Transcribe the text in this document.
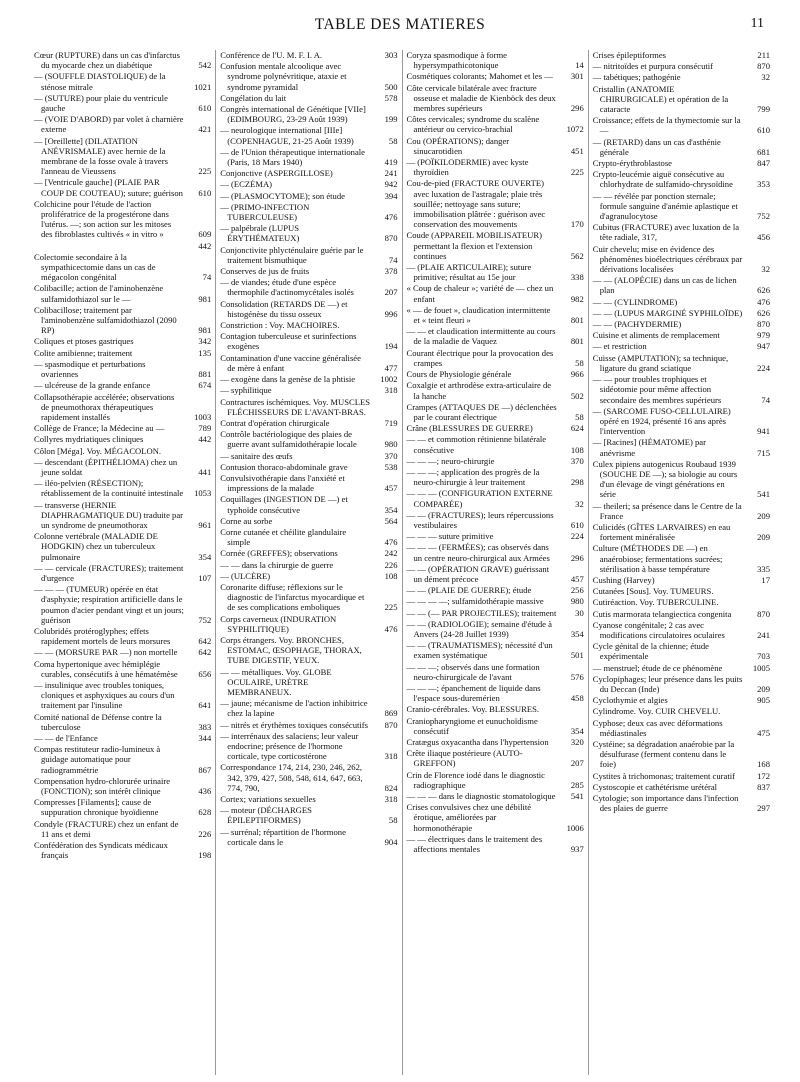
TABLE DES MATIERES	11
Cœur (RUPTURE) dans un cas d'infarctus du myocarde chez un diabétique	542
— (SOUFFLE DIASTOLIQUE) de la sténose mitrale	1021
— (SUTURE) pour plaie du ventricule gauche	610
— (VOIE D'ABORD) par volet à charnière externe	421
— [Oreillette] (DILATATION ANÉVRISMALE) avec hernie de la membrane de la fosse ovale à travers l'anneau de Vieussens	225
— [Ventricule gauche] (PLAIE PAR COUP DE COUTEAU); suture; guérison	610
Colchicine pour l'étude de l'action prolifératrice de la progestérone dans l'utérus. —; son action sur les mitoses des fibroblastes cultivés « in vitro »	609
442
Colectomie secondaire à la sympathicectomie dans un cas de mégacolon congénital	74
Colibacille; action de l'aminobenzène sulfamidothiazol sur le —	981
Colibacillose; traitement par l'aminobenzène sulfamidothiazol (2090 RP)	981
Coliques et ptoses gastriques	342
Colite amibienne; traitement	135
— spasmodique et perturbations ovariennes	881
— ulcéreuse de la grande enfance	674
Collapsothérapie accélérée; observations de pneumothorax thérapeutiques rapidement installés	1003
Collège de France; la Médecine au —	789
Collyres mydriatiques cliniques	442
Côlon [Méga]. Voy. MÉGACOLON.
— descendant (ÉPITHÉLIOMA) chez un jeune soldat	441
— iléo-pelvien (RÉSECTION); rétablissement de la continuité intestinale	1053
— transverse (HERNIE DIAPHRAGMATIQUE DU) traduite par un syndrome de pneumothorax	961
Colonne vertébrale (MALADIE DE HODGKIN) chez un tuberculeux pulmonaire	354
— — cervicale (FRACTURES); traitement d'urgence	107
— — — (TUMEUR) opérée en état d'asphyxie; respiration artificielle dans le poumon d'acier pendant vingt et un jours; guérison	752
Colubridés protéroglyphes; effets rapidement mortels de leurs morsures	642
— — (MORSURE PAR —) non mortelle	642
Coma hypertonique avec hémiplégie curables, consécutifs à une hématémèse	656
— insulinique avec troubles toniques, cloniques et asphyxiques au cours d'un traitement par l'insuline	641
Comité national de Défense contre la tuberculose	383
— — de l'Enfance	344
Compas restituteur radio-lumineux à guidage automatique pour radiogrammétrie	867
Compensation hydro-chlorurée urinaire (FONCTION); son intérêt clinique	436
Compresses [Filaments]; cause de suppuration chronique byoïdienne	628
Condyle (FRACTURE) chez un enfant de 11 ans et demi	226
Confédération des Syndicats médicaux français	198
Conférence de l'U. M. F. I. A.	303
Confusion mentale alcoolique avec syndrome polynévritique, ataxie et syndrome pyramidal	500
Congélation du lait	578
Congrès international de Génétique [VIIe] (EDIMBOURG, 23-29 Août 1939)	199
— neurologique international [IIIe] (COPENHAGUE, 21-25 Août 1939)	58
— de l'Union thérapeutique internationale (Paris, 18 Mars 1940)	419
Conjonctive (ASPERGILLOSE)	241
— (ECZÉMA)	942
— (PLASMOCYTOME); son étude	394
— (PRIMO-INFECTION TUBERCULEUSE)	476
— palpébrale (LUPUS ÉRYTHÉMATEUX)	870
Conjonctivite phlycténulaire guérie par le traitement bismuthique	74
Conserves de jus de fruits	378
— de viandes; étude d'une espèce thermophile d'actinomycétales isolés	207
Consolidation (RETARDS DE —) et histogénèse du tissu osseux	996
Constriction : Voy. MACHOIRES.
Contagion tuberculeuse et surinfections exogènes	194
Contamination d'une vaccine généralisée de mère à enfant	477
— exogène dans la genèse de la phtisie	1002
— syphilitique	318
Contractures ischémiques. Voy. MUSCLES FLÉCHISSEURS DE L'AVANT-BRAS.
Contrat d'opération chirurgicale	719
Contrôle bactériologique des plaies de guerre avant sulfamidothérapie locale	980
— sanitaire des œufs	370
Contusion thoraco-abdominale grave	538
Convulsivothérapie dans l'anxiété et impressions de la malade	457
Coquillages (INGESTION DE —) et typhoïde consécutive	354
Corne au sorbe	564
Corne cutanée et chéilite glandulaire simple	476
Cornée (GREFFES); observations	242
— — dans la chirurgie de guerre	226
— (ULCÈRE)	108
Coronarite diffuse; réflexions sur le diagnostic de l'infarctus myocardique et de ses complications emboliques	225
Corps caverneux (INDURATION SYPHILITIQUE)	476
Corps étrangers. Voy. BRONCHES, ESTOMAC, ŒSOPHAGE, THORAX, TUBE DIGESTIF, YEUX.
— — métalliques. Voy. GLOBE OCULAIRE, URÈTRE MEMBRANEUX.
— jaune; mécanisme de l'action inhibitrice chez la lapine	869
— nitrés et érythèmes toxiques consécutifs	870
— interrénaux des salaciens; leur valeur endocrine; présence de l'hormone corticale, type corticostérone	318
Correspondance 174, 214, 230, 246, 262, 342, 379, 427, 508, 548, 614, 647, 663, 774, 790,	824
Cortex; variations sexuelles	318
— moteur (DÉCHARGES ÉPILEPTIFORMES)	58
— surrénal; répartition de l'hormone corticale dans le	904
Coryza spasmodique à forme hypersympathicotonique	14
Cosmétiques colorants; Mahomet et les —	301
Côte cervicale bilatérale avec fracture osseuse et maladie de Kienböck des deux membres supérieurs	296
Côtes cervicales; syndrome du scalène antérieur ou cervico-brachial	1072
Cou (OPÉRATIONS); danger sinucarotidien	451
— (POÏKILODERMIE) avec kyste thyroïdien	225
Cou-de-pied (FRACTURE OUVERTE) avec luxation de l'astragale; plaie très souillée; nettoyage sans suture; immobilisation plâtrée : guérison avec conservation des mouvements	170
Coude (APPAREIL MOBILISATEUR) permettant la flexion et l'extension continues	562
— (PLAIE ARTICULAIRE); suture primitive; résultat au 15e jour	338
« Coup de chaleur »; variété de — chez un enfant	982
« — de fouet », claudication intermittente et « teint fleuri »	801
— — et claudication intermittente au cours de la maladie de Vaquez	801
Courant électrique pour la provocation des crampes	58
Cours de Physiologie générale	966
Coxalgie et arthrodèse extra-articulaire de la hanche	502
Crampes (ATTAQUES DE —) déclenchées par le courant électrique	58
Crâne (BLESSURES DE GUERRE)	624
— — et commotion rétinienne bilatérale consécutive	108
— — —; neuro-chirurgie	370
— — —; application des progrès de la neuro-chirurgie à leur traitement	298
— — — (CONFIGURATION EXTERNE COMPARÉE)	32
— — (FRACTURES); leurs répercussions vestibulaires	610
— — — suture primitive	224
— — — (FERMÉES); cas observés dans un centre neuro-chirurgical aux Armées	296
— — (OPÉRATION GRAVE) guérissant un dément précoce	457
— — (PLAIE DE GUERRE); étude	256
— — — —; sulfamidothérapie massive	980
— — (— PAR PROJECTILES); traitement	30
— — (RADIOLOGIE); semaine d'étude à Anvers (24-28 Juillet 1939)	354
— — (TRAUMATISMES); nécessité d'un examen systématique	501
— — —; observés dans une formation neuro-chirurgicale de l'avant	576
— — —; épanchement de liquide dans l'espace sous-duremérien	458
Cranio-cérébrales. Voy. BLESSURES.
Craniopharyngiome et eunuchoïdisme consécutif	354
Cratægus oxyacantha dans l'hypertension	320
Crête iliaque postérieure (AUTO-GREFFON)	207
Crin de Florence iodé dans le diagnostic radiographique	285
— — — dans le diagnostic stomatologique	541
Crises convulsives chez une débilité érotique, améliorées par hormonothérapie	1006
— — électriques dans le traitement des affections mentales	937
Crises épileptiformes	211
— nitritoïdes et purpura consécutif	870
— tabétiques; pathogénie	32
Cristallin (ANATOMIE CHIRURGICALE) et opération de la cataracte	799
Croissance; effets de la thymectomie sur la —	610
— (RETARD) dans un cas d'asthénie générale	681
Crypto-érythroblastose	847
Crypto-leucémie aiguë consécutive au chlorhydrate de sulfamido-chrysoïdine	353
— — révélée par ponction sternale; formule sanguine d'anémie aplastique et d'agranulocytose	752
Cubitus (FRACTURE) avec luxation de la tête radiale, 317,	456
Cuir chevelu; mise en évidence des phénomènes bioélectriques cérébraux par dérivations localisées	32
— — (ALOPÉCIE) dans un cas de lichen plan	626
— — (CYLINDROME)	476
— — (LUPUS MARGINÉ SYPHILOÏDE)	626
— — (PACHYDERMIE)	870
Cuisine et aliments de remplacement	979
— et restriction	947
Cuisse (AMPUTATION); sa technique, ligature du grand sciatique	224
— — pour troubles trophiques et sidéotomie pour même affection secondaire des membres supérieurs	74
— (SARCOME FUSO-CELLULAIRE) opéré en 1924, présenté 16 ans après l'intervention	941
— [Racines] (HÉMATOME) par anévrisme	715
Culex pipiens autogenicus Roubaud 1939 (SOUCHE DE —); sa biologie au cours d'un élevage de vingt générations en série	541
— theileri; sa présence dans le Centre de la France	209
Culicidés (GÎTES LARVAIRES) en eau fortement minéralisée	209
Culture (MÉTHODES DE —) en anaérobiose; fermentations sucrées; stérilisation à basse température	335
Cushing (Harvey)	17
Cutanées [Sous]. Voy. TUMEURS.
Cutiréaction. Voy. TUBERCULINE.
Cutis marmorata telangiectica congenita	870
Cyanose congénitale; 2 cas avec modifications circulatoires oculaires	241
Cycle génital de la chienne; étude expérimentale	703
— menstruel; étude de ce phénomène	1005
Cyclopiphages; leur présence dans les puits du Deccan (Inde)	209
Cyclothymie et algies	905
Cylindrome. Voy. CUIR CHEVELU.
Cyphose; deux cas avec déformations médiastinales	475
Cystéine; sa dégradation anaérobie par la désulfurase (ferment contenu dans le foie)	168
Cystites à trichomonas; traitement curatif	172
Cystoscopie et cathétérisme urétéral	837
Cytologie; son importance dans l'infection des plaies de guerre	297
